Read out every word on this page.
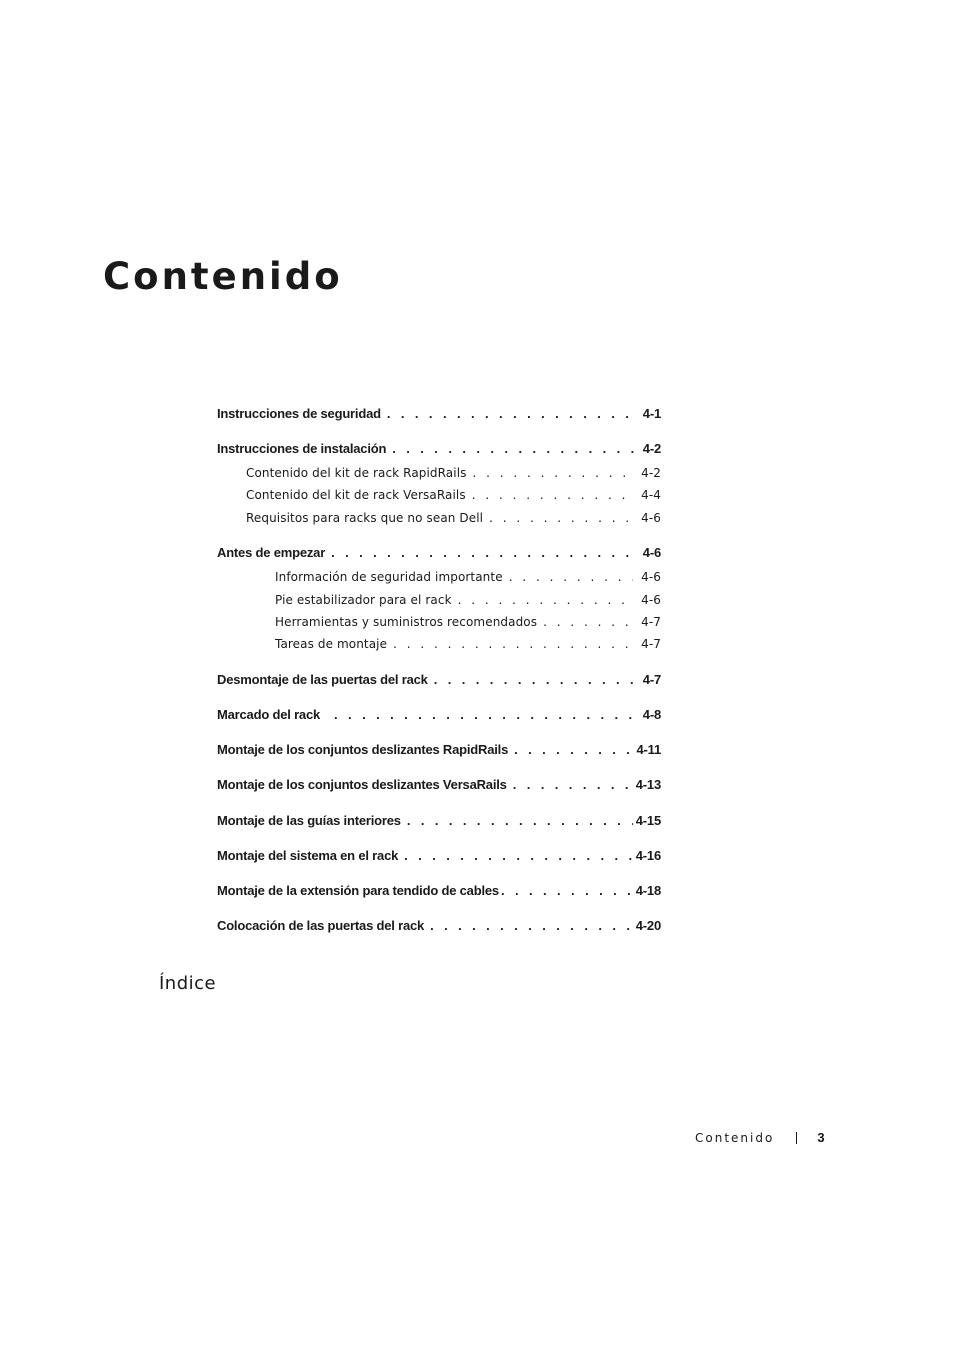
Contenido
Instrucciones de seguridad . . .	4-1
Instrucciones de instalación . . .	4-2
Contenido del kit de rack RapidRails . . .	4-2
Contenido del kit de rack VersaRails . . .	4-4
Requisitos para racks que no sean Dell . . .	4-6
Antes de empezar . . .	4-6
Información de seguridad importante . . .	4-6
Pie estabilizador para el rack . . .	4-6
Herramientas y suministros recomendados . . .	4-7
Tareas de montaje . . .	4-7
Desmontaje de las puertas del rack . . .	4-7
Marcado del rack . . .	4-8
Montaje de los conjuntos deslizantes RapidRails . . .	4-11
Montaje de los conjuntos deslizantes VersaRails . . .	4-13
Montaje de las guías interiores . . .	4-15
Montaje del sistema en el rack . . .	4-16
Montaje de la extensión para tendido de cables . . .	4-18
Colocación de las puertas del rack . . .	4-20
Índice
Contenido	3
